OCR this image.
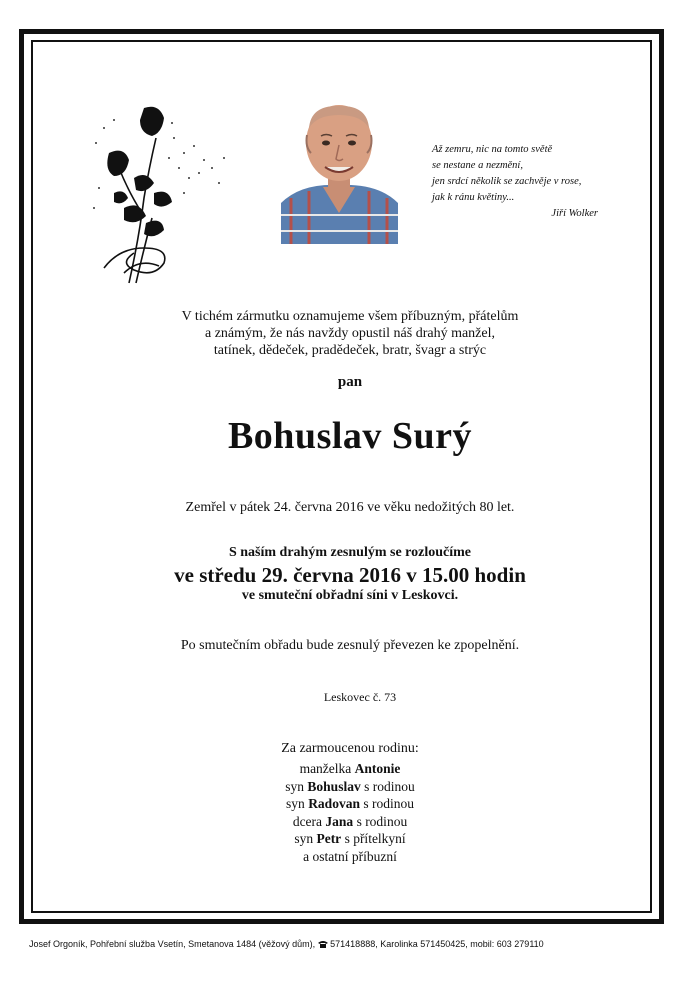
Až zemru, nic na tomto světě
se nestane a nezmění,
jen srdcí několik se zachvěje v rose,
jak k ránu květiny...
Jiří Wolker
V tichém zármutku oznamujeme všem příbuzným, přátelům
a známým, že nás navždy opustil náš drahý manžel,
tatínek, dědeček, pradědeček, bratr, švagr a strýc
pan
Bohuslav Surý
Zemřel v pátek 24. června 2016 ve věku nedožitých 80 let.
S naším drahým zesnulým se rozloučíme
ve středu 29. června 2016 v 15.00 hodin
ve smuteční obřadní síni v Leskovci.
Po smutečním obřadu bude zesnulý převezen ke zpopelnění.
Leskovec č. 73
Za zarmoucenou rodinu:
manželka Antonie
syn Bohuslav s rodinou
syn Radovan s rodinou
dcera Jana s rodinou
syn Petr s přítelkyní
a ostatní příbuzní
Josef Orgoník, Pohřební služba Vsetín, Smetanova 1484 (věžový dům),  571418888, Karolinka 571450425, mobil: 603 279110
